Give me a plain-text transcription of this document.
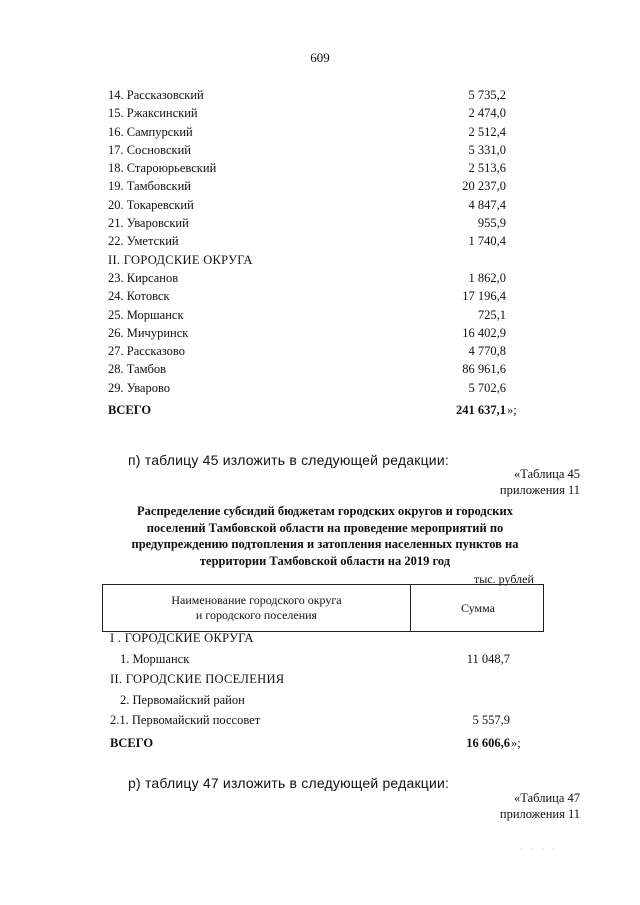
609
14. Рассказовский	5 735,2
15. Ржаксинский	2 474,0
16. Сампурский	2 512,4
17. Сосновский	5 331,0
18. Староюрьевский	2 513,6
19. Тамбовский	20 237,0
20. Токаревский	4 847,4
21. Уваровский	955,9
22. Уметский	1 740,4
II. ГОРОДСКИЕ ОКРУГА
23. Кирсанов	1 862,0
24. Котовск	17 196,4
25. Моршанск	725,1
26. Мичуринск	16 402,9
27. Рассказово	4 770,8
28. Тамбов	86 961,6
29. Уварово	5 702,6
ВСЕГО	241 637,1 »;
п) таблицу 45 изложить в следующей редакции:
«Таблица 45
приложения 11
Распределение субсидий бюджетам городских округов и городских
поселений Тамбовской области на проведение мероприятий по
предупреждению подтопления и затопления населенных пунктов на
территории Тамбовской области на 2019 год
тыс. рублей
Наименование городского округа
и городского поселения	Сумма
I . ГОРОДСКИЕ ОКРУГА
1. Моршанск	11 048,7
II. ГОРОДСКИЕ ПОСЕЛЕНИЯ
2. Первомайский район
2.1. Первомайский поссовет	5 557,9
ВСЕГО	16 606,6 »;
р) таблицу 47 изложить в следующей редакции:
«Таблица 47
приложения 11
· · · ·
